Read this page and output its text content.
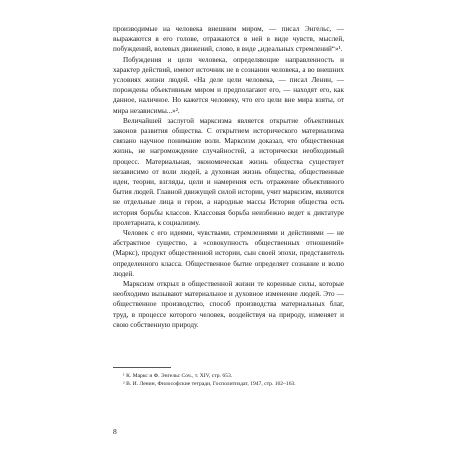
производимые на человека внешним миром, — писал Энгельс, — выражаются в его голове, отражаются в ней в виде чувств, мыслей, побуждений, волевых движений, слово, в виде „идеальных стремлений“»¹.

Побуждения и цели человека, определяющие направленность и характер действий, имеют источник не в сознании человека, а во внешних условиях жизни людей. «На деле цели человека, — писал Ленин, —порождены объективным миром и предполагают его, — находят его, как данное, наличное. Но кажется человеку, что его цели вне мира взяты, от мира независимы...»².

Величайшей заслугой марксизма является открытие объективных законов развития общества. С открытием исторического материализма связано научное понимание воли. Марксизм доказал, что общественная жизнь, не нагромождение случайностей, а исторически необходимый процесс. Материальная, экономическая жизнь общества существует независимо от воли людей, а духовная жизнь общества, общественные идеи, теории, взгляды, цели и намерения есть отражение объективного бытия людей. Главной движущей силой истории, учит марксизм, являются не отдельные лица и герои, а народные массы История общества есть история борьбы классов. Классовая борьба неизбежно ведет к диктатуре пролетариата, к социализму.

Человек с его идеями, чувствами, стремлениями и действиями — не абстрактное существо, а «совокупность общественных отношений» (Маркс), продукт общественной истории, сын своей эпохи, представитель определенного класса. Общественное бытие определяет сознание и волю людей.

Марксизм открыл в общественной жизни те коренные силы, которые необходимо вызывают материальное и духовное изменение людей. Это — общественное производство, способ производства материальных благ, труд, в процессе которого человек, воздействуя на природу, изменяет и свою собственную природу.

¹ К. Маркс и Ф. Энгельс Соч., т. XIV, стр. 653.
² В. И. Ленин, Философские тетради, Госполитиздат, 1947, стр. 162–163.
8
